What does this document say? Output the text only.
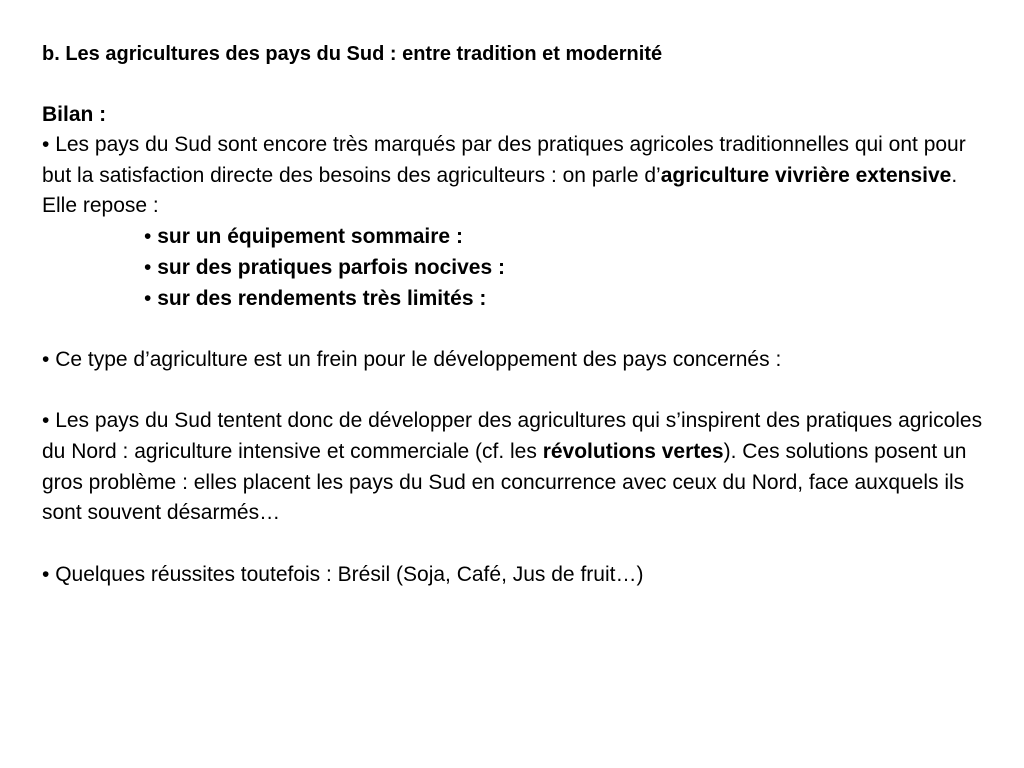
b. Les agricultures des pays du Sud : entre tradition et modernité

Bilan :

• Les pays du Sud sont encore très marqués par des pratiques agricoles traditionnelles qui ont pour but la satisfaction directe des besoins des agriculteurs : on parle d’agriculture vivrière extensive. Elle repose :

• sur un équipement sommaire :

• sur des pratiques parfois nocives :

• sur des rendements très limités :

• Ce type d’agriculture est un frein pour le développement des pays concernés :

• Les pays du Sud tentent donc de développer des agricultures qui s’inspirent des pratiques agricoles du Nord : agriculture intensive et commerciale (cf. les révolutions vertes). Ces solutions posent un gros problème : elles placent les pays du Sud en concurrence avec ceux du Nord, face auxquels ils sont souvent désarmés…

• Quelques réussites toutefois : Brésil (Soja, Café, Jus de fruit…)
